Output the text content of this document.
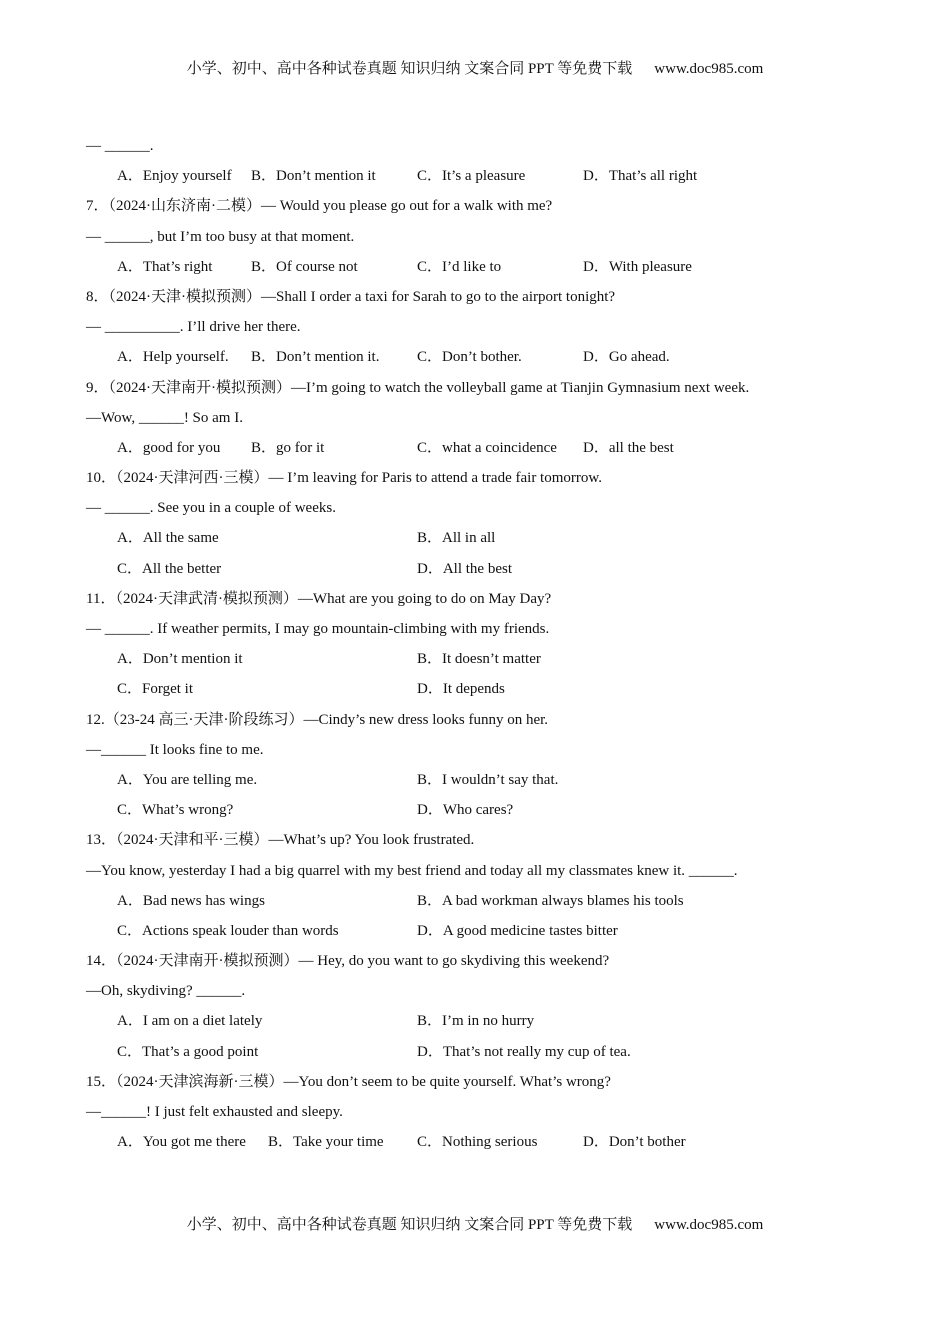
小学、初中、高中各种试卷真题 知识归纳 文案合同 PPT 等免费下载 www.doc985.com
— ______.
A．Enjoy yourself B．Don’t mention it	C．It’s a pleasure	D．That’s all right
7．（2024·山东济南·二模）— Would you please go out for a walk with me?
— ______, but I’m too busy at that moment.
A．That’s right	B．Of course not	C．I’d like to	D．With pleasure
8．（2024·天津·模拟预测）—Shall I order a taxi for Sarah to go to the airport tonight?
— __________. I’ll drive her there.
A．Help yourself. B．Don’t mention it.	C．Don’t bother.	D．Go ahead.
9．（2024·天津南开·模拟预测）—I’m going to watch the volleyball game at Tianjin Gymnasium next week.
—Wow, ______! So am I.
A．good for you B．go for it	C．what a coincidence D．all the best
10．（2024·天津河西·三模）— I’m leaving for Paris to attend a trade fair tomorrow.
— ______. See you in a couple of weeks.
A．All the same	B．All in all
C．All the better	D．All the best
11．（2024·天津武清·模拟预测）—What are you going to do on May Day?
— ______. If weather permits, I may go mountain-climbing with my friends.
A．Don’t mention it	B．It doesn’t matter
C．Forget it	D．It depends
12.（23-24 高三·天津·阶段练习）—Cindy’s new dress looks funny on her.
—______ It looks fine to me.
A．You are telling me.	B．I wouldn’t say that.
C．What’s wrong?	D．Who cares?
13．（2024·天津和平·三模）—What’s up? You look frustrated.
—You know, yesterday I had a big quarrel with my best friend and today all my classmates knew it. ______.
A．Bad news has wings	B．A bad workman always blames his tools
C．Actions speak louder than words	D．A good medicine tastes bitter
14．（2024·天津南开·模拟预测）— Hey, do you want to go skydiving this weekend?
—Oh, skydiving? ______.
A．I am on a diet lately	B．I’m in no hurry
C．That’s a good point	D．That’s not really my cup of tea.
15．（2024·天津滨海新·三模）—You don’t seem to be quite yourself. What’s wrong?
—______! I just felt exhausted and sleepy.
A．You got me there B．Take your time C．Nothing serious	D．Don’t bother
小学、初中、高中各种试卷真题 知识归纳 文案合同 PPT 等免费下载 www.doc985.com
